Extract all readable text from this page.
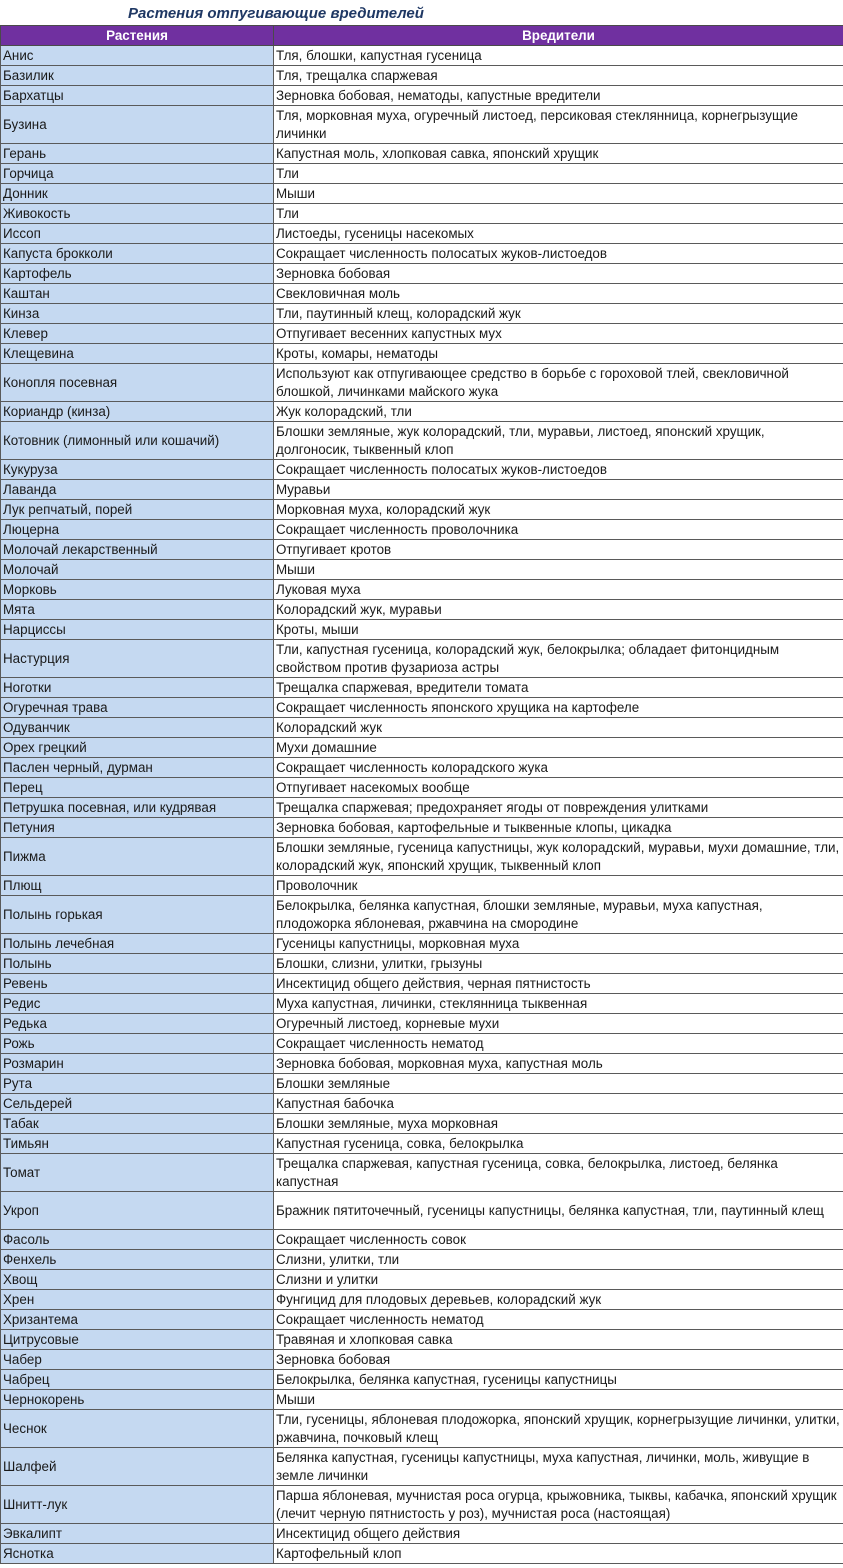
Растения отпугивающие вредителей
Растения	Вредители
Анис	Тля, блошки, капустная гусеница
Базилик	Тля, трещалка спаржевая
Бархатцы	Зерновка бобовая, нематоды, капустные вредители
Бузина	Тля, морковная муха, огуречный листоед, персиковая стеклянница, корнегрызущие личинки
Герань	Капустная моль, хлопковая савка, японский хрущик
Горчица	Тли
Донник	Мыши
Живокость	Тли
Иссоп	Листоеды, гусеницы насекомых
Капуста брокколи	Сокращает численность полосатых жуков-листоедов
Картофель	Зерновка бобовая
Каштан	Свекловичная моль
Кинза	Тли, паутинный клещ, колорадский жук
Клевер	Отпугивает весенних капустных мух
Клещевина	Кроты, комары, нематоды
Конопля посевная	Используют как отпугивающее средство в борьбе с гороховой тлей, свекловичной блошкой, личинками майского жука
Кориандр (кинза)	Жук колорадский, тли
Котовник (лимонный или кошачий)	Блошки земляные, жук колорадский, тли, муравьи, листоед, японский хрущик, долгоносик, тыквенный клоп
Кукуруза	Сокращает численность полосатых жуков-листоедов
Лаванда	Муравьи
Лук репчатый, порей	Морковная муха, колорадский жук
Люцерна	Сокращает численность проволочника
Молочай лекарственный	Отпугивает кротов
Молочай	Мыши
Морковь	Луковая муха
Мята	Колорадский жук, муравьи
Нарциссы	Кроты, мыши
Настурция	Тли, капустная гусеница, колорадский жук, белокрылка; обладает фитонцидным свойством против фузариоза астры
Ноготки	Трещалка спаржевая, вредители томата
Огуречная трава	Сокращает численность японского хрущика на картофеле
Одуванчик	Колорадский жук
Орех грецкий	Мухи домашние
Паслен черный, дурман	Сокращает численность колорадского жука
Перец	Отпугивает насекомых вообще
Петрушка посевная, или кудрявая	Трещалка спаржевая; предохраняет ягоды от повреждения улитками
Петуния	Зерновка бобовая, картофельные и тыквенные клопы, цикадка
Пижма	Блошки земляные, гусеница капустницы, жук колорадский, муравьи, мухи домашние, тли, колорадский жук, японский хрущик, тыквенный клоп
Плющ	Проволочник
Полынь горькая	Белокрылка, белянка капустная, блошки земляные, муравьи, муха капустная, плодожорка яблоневая, ржавчина на смородине
Полынь лечебная	Гусеницы капустницы, морковная муха
Полынь	Блошки, слизни, улитки, грызуны
Ревень	Инсектицид общего действия, черная пятнистость
Редис	Муха капустная, личинки, стеклянница тыквенная
Редька	Огуречный листоед, корневые мухи
Рожь	Сокращает численность нематод
Розмарин	Зерновка бобовая, морковная муха, капустная моль
Рута	Блошки земляные
Сельдерей	Капустная бабочка
Табак	Блошки земляные, муха морковная
Тимьян	Капустная гусеница, совка, белокрылка
Томат	Трещалка спаржевая, капустная гусеница, совка, белокрылка, листоед, белянка капустная
Укроп	Бражник пятиточечный, гусеницы капустницы, белянка капустная, тли, паутинный клещ
Фасоль	Сокращает численность совок
Фенхель	Слизни, улитки, тли
Хвощ	Слизни и улитки
Хрен	Фунгицид для плодовых деревьев, колорадский жук
Хризантема	Сокращает численность нематод
Цитрусовые	Травяная и хлопковая савка
Чабер	Зерновка бобовая
Чабрец	Белокрылка, белянка капустная, гусеницы капустницы
Чернокорень	Мыши
Чеснок	Тли, гусеницы, яблоневая плодожорка, японский хрущик, корнегрызущие личинки, улитки, ржавчина, почковый клещ
Шалфей	Белянка капустная, гусеницы капустницы, муха капустная, личинки, моль, живущие в земле личинки
Шнитт-лук	Парша яблоневая, мучнистая роса огурца, крыжовника, тыквы, кабачка, японский хрущик (лечит черную пятнистость у роз), мучнистая роса (настоящая)
Эвкалипт	Инсектицид общего действия
Яснотка	Картофельный клоп
